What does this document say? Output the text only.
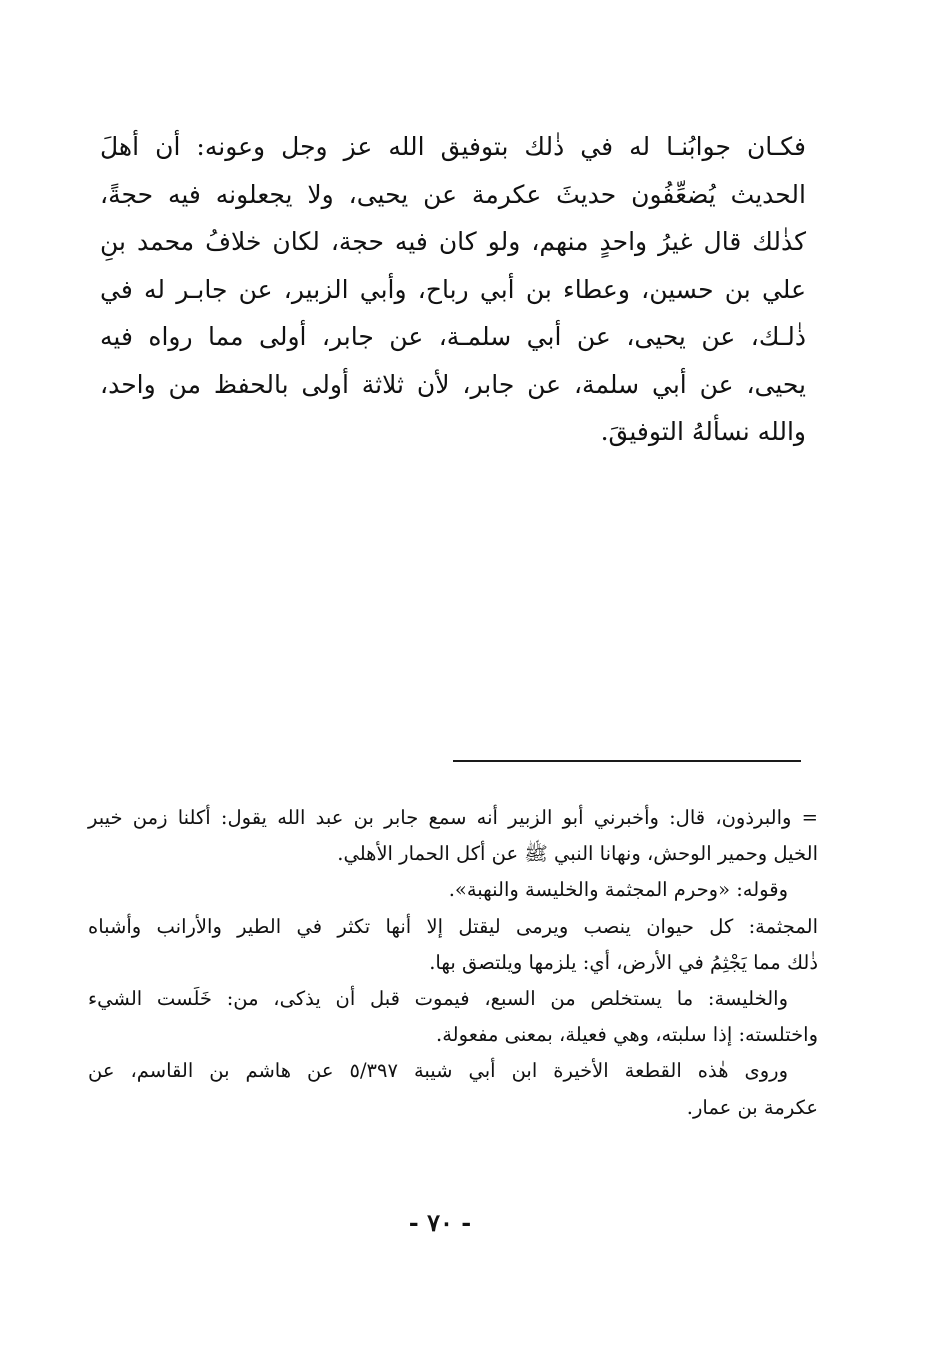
فكـان جوابُنـا له في ذٰلك بتوفيق الله عز وجل وعونه: أن أهلَ
الحديث يُضعِّفُون حديثَ عكرمة عن يحيى، ولا يجعلونه فيه حجةً،
كذٰلك قال غيرُ واحدٍ منهم، ولو كان فيه حجة، لكان خلافُ محمد بنِ
علي بن حسين، وعطاء بن أبي رباح، وأبي الزبير، عن جابـر له في
ذٰلـك، عن يحيى، عن أبي سلمـة، عن جابر، أولى مما رواه فيه
يحيى، عن أبي سلمة، عن جابر، لأن ثلاثة أولى بالحفظ من واحد،
والله نسألهُ التوفيقَ.
= والبرذون، قال: وأخبرني أبو الزبير أنه سمع جابر بن عبد الله يقول: أكلنا زمن خيبر
الخيل وحمير الوحش، ونهانا النبي ﷺ عن أكل الحمار الأهلي.
وقوله: «وحرم المجثمة والخليسة والنهبة».
المجثمة: كل حيوان ينصب ويرمى ليقتل إلا أنها تكثر في الطير والأرانب وأشباه
ذٰلك مما يَجْثِمُ في الأرض، أي: يلزمها ويلتصق بها.
والخليسة: ما يستخلص من السبع، فيموت قبل أن يذكى، من: خَلَست الشيء
واختلسته: إذا سلبته، وهي فعيلة، بمعنى مفعولة.
وروى هٰذه القطعة الأخيرة ابن أبي شيبة ٥/٣٩٧ عن هاشم بن القاسم، عن
عكرمة بن عمار.
- ٧٠ -
